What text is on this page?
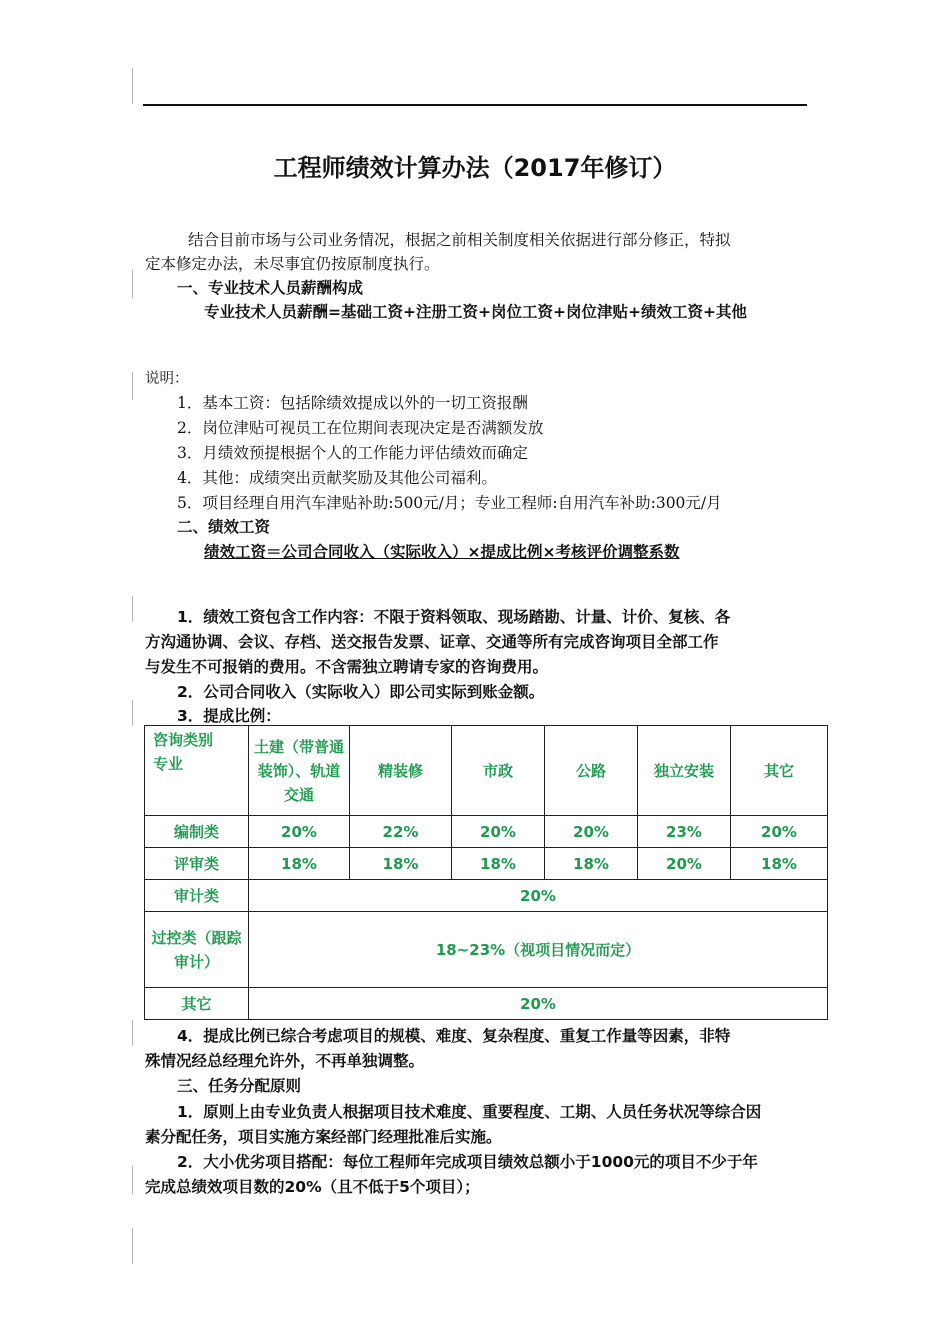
工程师绩效计算办法（2017年修订）
结合目前市场与公司业务情况，根据之前相关制度相关依据进行部分修正，特拟
定本修定办法，未尽事宜仍按原制度执行。
一、专业技术人员薪酬构成
专业技术人员薪酬=基础工资+注册工资+岗位工资+岗位津贴+绩效工资+其他
说明：
1．基本工资：包括除绩效提成以外的一切工资报酬
2．岗位津贴可视员工在位期间表现决定是否满额发放
3．月绩效预提根据个人的工作能力评估绩效而确定
4．其他：成绩突出贡献奖励及其他公司福利。
5．项目经理自用汽车津贴补助:500元/月；专业工程师:自用汽车补助:300元/月
二、绩效工资
绩效工资＝公司合同收入（实际收入）×提成比例×考核评价调整系数
1．绩效工资包含工作内容：不限于资料领取、现场踏勘、计量、计价、复核、各
方沟通协调、会议、存档、送交报告发票、证章、交通等所有完成咨询项目全部工作
与发生不可报销的费用。不含需独立聘请专家的咨询费用。
2．公司合同收入（实际收入）即公司实际到账金额。
3．提成比例：
咨询类别
专业	土建（带普通装饰）、轨道交通	精装修	市政	公路	独立安装	其它
编制类	20%	22%	20%	20%	23%	20%
评审类	18%	18%	18%	18%	20%	18%
审计类	20%					
过控类（跟踪审计）	18~23%（视项目情况而定）					
其它	20%					
4．提成比例已综合考虑项目的规模、难度、复杂程度、重复工作量等因素，非特
殊情况经总经理允许外，不再单独调整。
三、任务分配原则
1．原则上由专业负责人根据项目技术难度、重要程度、工期、人员任务状况等综合因
素分配任务，项目实施方案经部门经理批准后实施。
2．大小优劣项目搭配：每位工程师年完成项目绩效总额小于1000元的项目不少于年
完成总绩效项目数的20%（且不低于5个项目）；
